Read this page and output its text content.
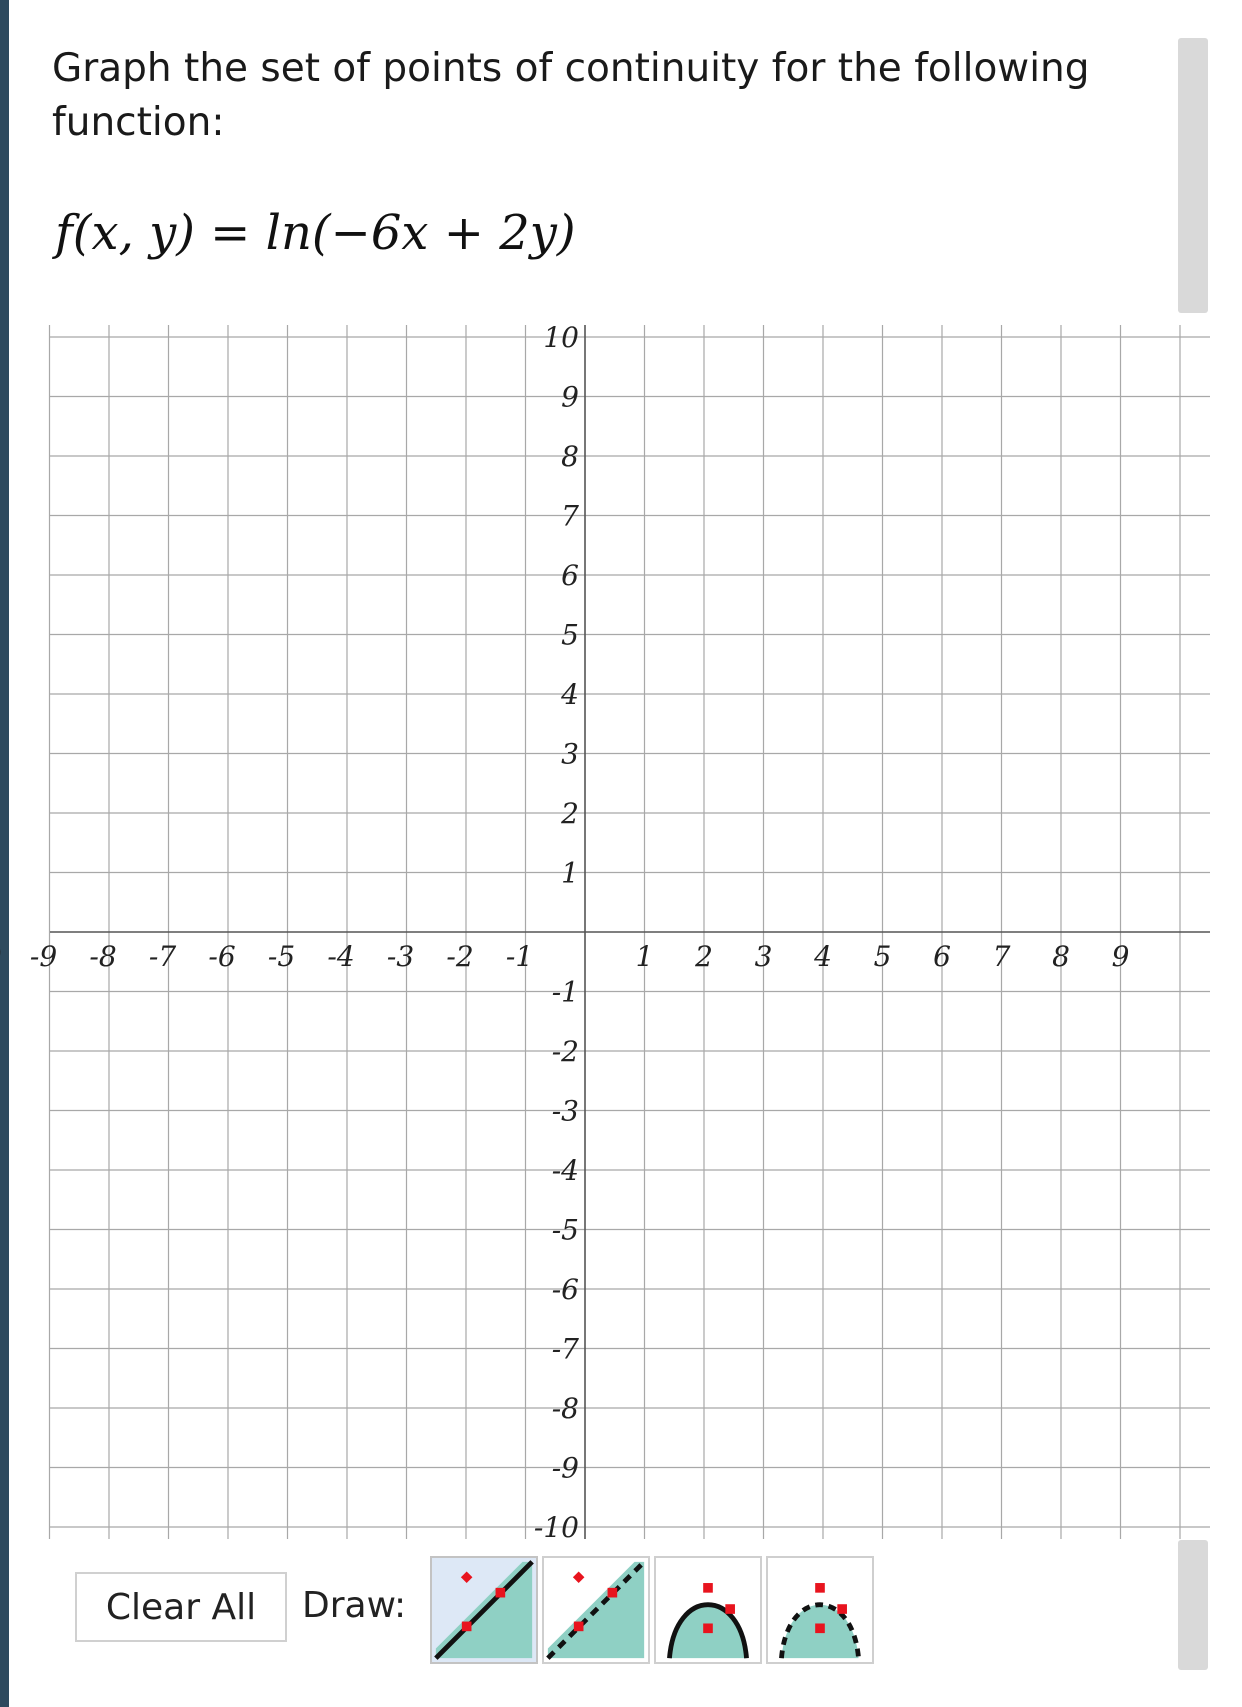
Graph the set of points of continuity for the following function:
f(x, y) = ln(−6x + 2y)
-9 -8 -7 -6 -5 -4 -3 -2 -1	1 2 3 4 5 6 7 8 9
10
9
8
7
6
5
4
3
2
1
-1
-2
-3
-4
-5
-6
-7
-8
-9
-10
Clear All	Draw:
